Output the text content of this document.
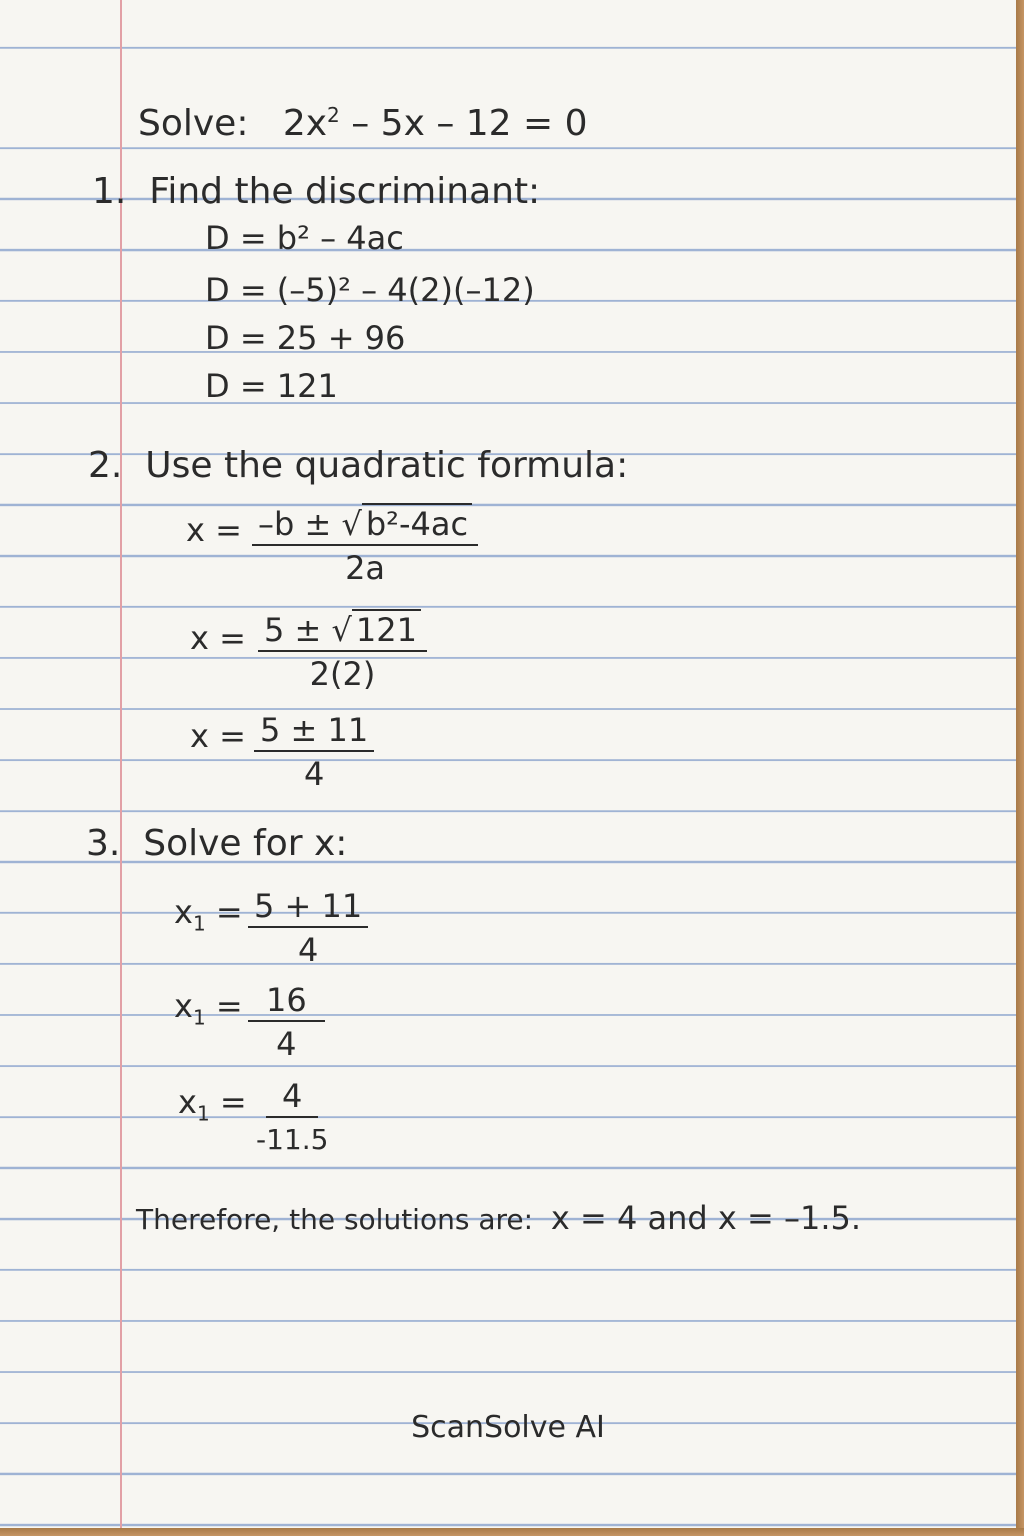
Solve: $2x^2 - 5x - 12 = 0$
1. Find the discriminant:
D = b² – 4ac
D = (–5)² – 4(2)(–12)
D = 25 + 96
D = 121
2. Use the quadratic formula:
$x = \frac{\text{–b ± √ b²-4ac}}{2a}$
$x = \frac{5 \pm √ 121}{2(2)}$
$x = \frac{5 \pm 11}{4}$
3. Solve for x:
$x_1 = \frac{5 + 11}{4}$
$x_1 = \frac{16}{4}$
$x_1 = \frac{4}{-11.5}$
Therefore, the solutions are: x = 4 and x = –1.5.
ScanSolve AI
